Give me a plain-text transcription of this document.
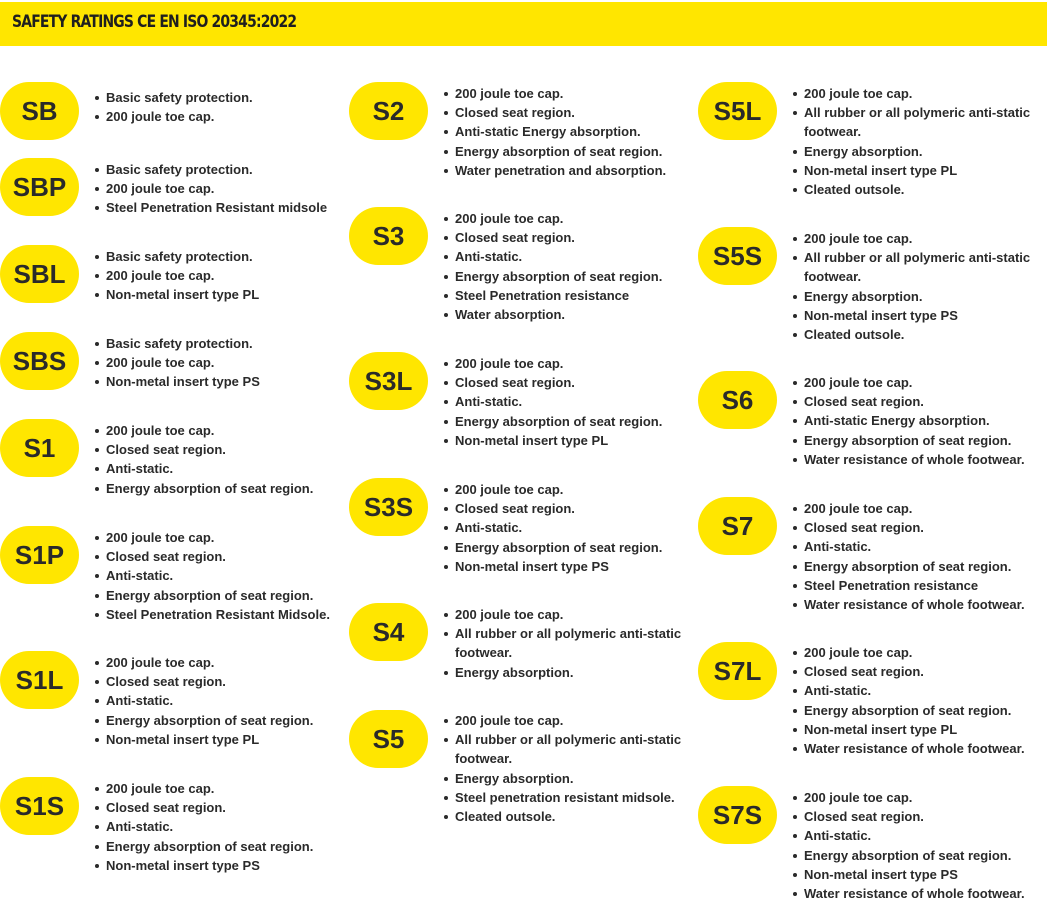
SAFETY RATINGS CE EN ISO 20345:2022
SB	Basic safety protection.
200 joule toe cap.
SBP
Basic safety protection.
200 joule toe cap.
Steel Penetration Resistant midsole
SBL
Basic safety protection.
200 joule toe cap.
Non-metal insert type PL
SBS
Basic safety protection.
200 joule toe cap.
Non-metal insert type PS
S1
200 joule toe cap.
Closed seat region.
Anti-static.
Energy absorption of seat region.
S1P
200 joule toe cap.
Closed seat region.
Anti-static.
Energy absorption of seat region.
Steel Penetration Resistant Midsole.
S1L
200 joule toe cap.
Closed seat region.
Anti-static.
Energy absorption of seat region.
Non-metal insert type PL
S1S
200 joule toe cap.
Closed seat region.
Anti-static.
Energy absorption of seat region.
Non-metal insert type PS
S2
200 joule toe cap.
Closed seat region.
Anti-static Energy absorption.
Energy absorption of seat region.
Water penetration and absorption.
S3
200 joule toe cap.
Closed seat region.
Anti-static.
Energy absorption of seat region.
Steel Penetration resistance
Water absorption.
S3L
200 joule toe cap.
Closed seat region.
Anti-static.
Energy absorption of seat region.
Non-metal insert type PL
S3S
200 joule toe cap.
Closed seat region.
Anti-static.
Energy absorption of seat region.
Non-metal insert type PS
S4
200 joule toe cap.
All rubber or all polymeric anti-static
footwear.
Energy absorption.
S5
200 joule toe cap.
All rubber or all polymeric anti-static
footwear.
Energy absorption.
Steel penetration resistant midsole.
Cleated outsole.
S5L
200 joule toe cap.
All rubber or all polymeric anti-static
footwear.
Energy absorption.
Non-metal insert type PL
Cleated outsole.
S5S
200 joule toe cap.
All rubber or all polymeric anti-static
footwear.
Energy absorption.
Non-metal insert type PS
Cleated outsole.
S6
200 joule toe cap.
Closed seat region.
Anti-static Energy absorption.
Energy absorption of seat region.
Water resistance of whole footwear.
S7
200 joule toe cap.
Closed seat region.
Anti-static.
Energy absorption of seat region.
Steel Penetration resistance
Water resistance of whole footwear.
S7L
200 joule toe cap.
Closed seat region.
Anti-static.
Energy absorption of seat region.
Non-metal insert type PL
Water resistance of whole footwear.
S7S
200 joule toe cap.
Closed seat region.
Anti-static.
Energy absorption of seat region.
Non-metal insert type PS
Water resistance of whole footwear.
